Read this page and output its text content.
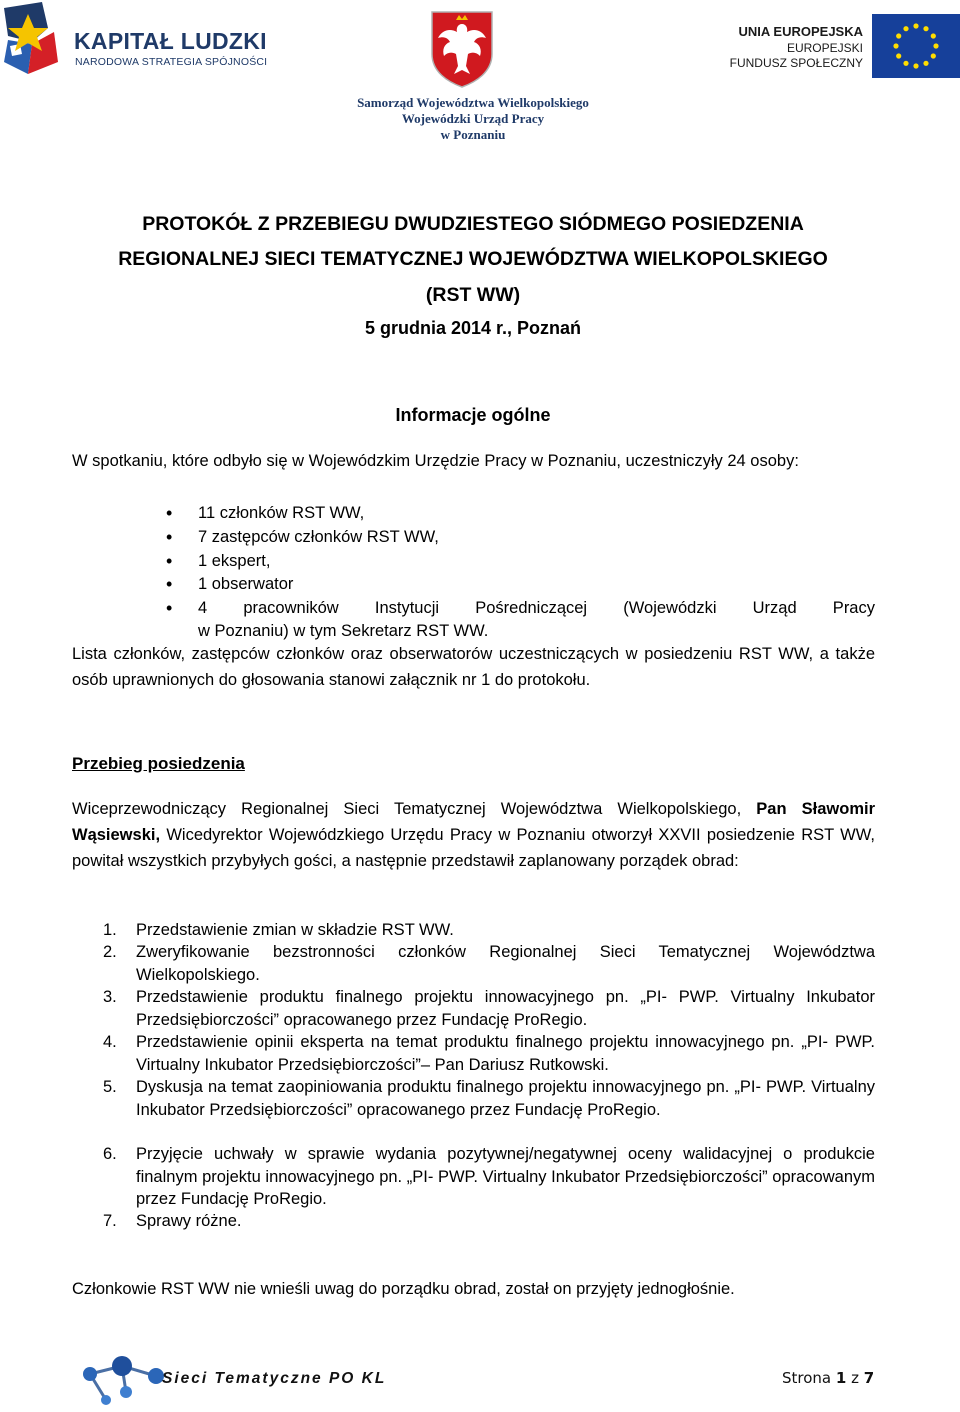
KAPITAŁ LUDZKI
NARODOWA STRATEGIA SPÓJNOŚCI
UNIA EUROPEJSKA
EUROPEJSKI
FUNDUSZ SPOŁECZNY
Samorząd Województwa Wielkopolskiego
Wojewódzki Urząd Pracy
w Poznaniu
PROTOKÓŁ Z PRZEBIEGU DWUDZIESTEGO SIÓDMEGO POSIEDZENIA
REGIONALNEJ SIECI TEMATYCZNEJ WOJEWÓDZTWA WIELKOPOLSKIEGO
(RST WW)
5 grudnia 2014 r., Poznań
Informacje ogólne
W spotkaniu, które odbyło się w Wojewódzkim Urzędzie Pracy w Poznaniu, uczestniczyły 24 osoby:
• 11 członków RST WW,
• 7 zastępców członków RST WW,
• 1 ekspert,
• 1 obserwator
• 4 pracowników Instytucji Pośredniczącej (Wojewódzki Urząd Pracy
w Poznaniu) w tym Sekretarz RST WW.
Lista członków, zastępców członków oraz obserwatorów uczestniczących w posiedzeniu RST WW, a także osób uprawnionych do głosowania stanowi załącznik nr 1 do protokołu.
Przebieg posiedzenia
Wiceprzewodniczący Regionalnej Sieci Tematycznej Województwa Wielkopolskiego, Pan Sławomir Wąsiewski, Wicedyrektor Wojewódzkiego Urzędu Pracy w Poznaniu otworzył XXVII posiedzenie RST WW, powitał wszystkich przybyłych gości, a następnie przedstawił zaplanowany porządek obrad:
1. Przedstawienie zmian w składzie RST WW.
2. Zweryfikowanie bezstronności członków Regionalnej Sieci Tematycznej Województwa Wielkopolskiego.
3. Przedstawienie produktu finalnego projektu innowacyjnego pn. „PI- PWP. Virtualny Inkubator Przedsiębiorczości” opracowanego przez Fundację ProRegio.
4. Przedstawienie opinii eksperta na temat produktu finalnego projektu innowacyjnego pn. „PI- PWP. Virtualny Inkubator Przedsiębiorczości”– Pan Dariusz Rutkowski.
5. Dyskusja na temat zaopiniowania produktu finalnego projektu innowacyjnego pn. „PI- PWP. Virtualny Inkubator Przedsiębiorczości” opracowanego przez Fundację ProRegio.
6. Przyjęcie uchwały w sprawie wydania pozytywnej/negatywnej oceny walidacyjnej o produkcie finalnym projektu innowacyjnego pn. „PI- PWP. Virtualny Inkubator Przedsiębiorczości” opracowanym przez Fundację ProRegio.
7. Sprawy różne.
Członkowie RST WW nie wnieśli uwag do porządku obrad, został on przyjęty jednogłośnie.
Sieci Tematyczne PO KL	Strona 1 z 7
